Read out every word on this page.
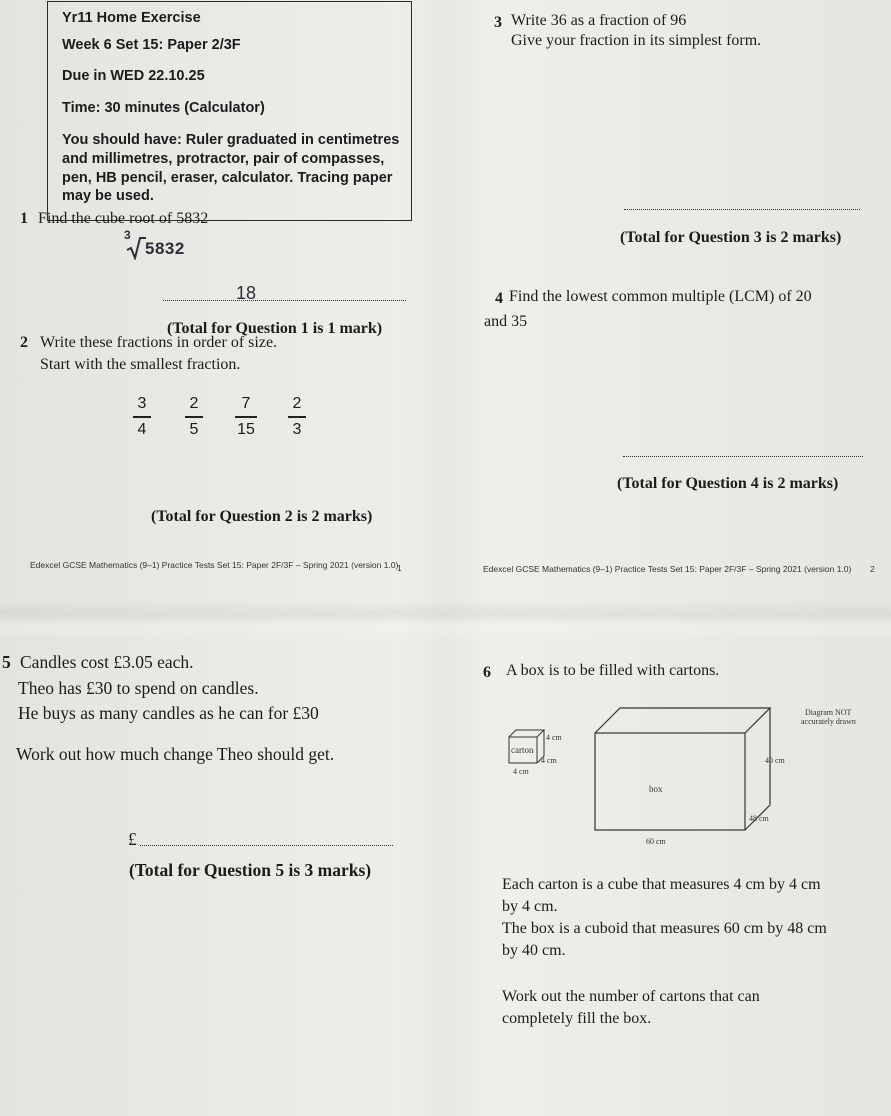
Yr11 Home Exercise
Week 6 Set 15: Paper 2/3F
Due in WED 22.10.25
Time: 30 minutes (Calculator)
You should have: Ruler graduated in centimetres
and millimetres, protractor, pair of compasses,
pen, HB pencil, eraser, calculator. Tracing paper
may be used.
1 Find the cube root of 5832
3
5832
18
(Total for Question 1 is 1 mark)
2 Write these fractions in order of size.
Start with the smallest fraction.
3
4
2
5
7
15
2
3
(Total for Question 2 is 2 marks)
3 Write 36 as a fraction of 96
Give your fraction in its simplest form.
(Total for Question 3 is 2 marks)
4 Find the lowest common multiple (LCM) of 20
and 35
(Total for Question 4 is 2 marks)
Edexcel GCSE Mathematics (9–1) Practice Tests Set 15: Paper 2F/3F – Spring 2021 (version 1.0)
1	Edexcel GCSE Mathematics (9–1) Practice Tests Set 15: Paper 2F/3F – Spring 2021 (version 1.0) 2
5 Candles cost £3.05 each.
Theo has £30 to spend on candles.
He buys as many candles as he can for £30
Work out how much change Theo should get.
£
(Total for Question 5 is 3 marks)
6 A box is to be filled with cartons.
carton
4 cm
4 cm
4 cm
box
40 cm
48 cm
60 cm
Diagram NOT
accurately drawn
Each carton is a cube that measures 4 cm by 4 cm
by 4 cm.
The box is a cuboid that measures 60 cm by 48 cm
by 40 cm.
Work out the number of cartons that can
completely fill the box.
